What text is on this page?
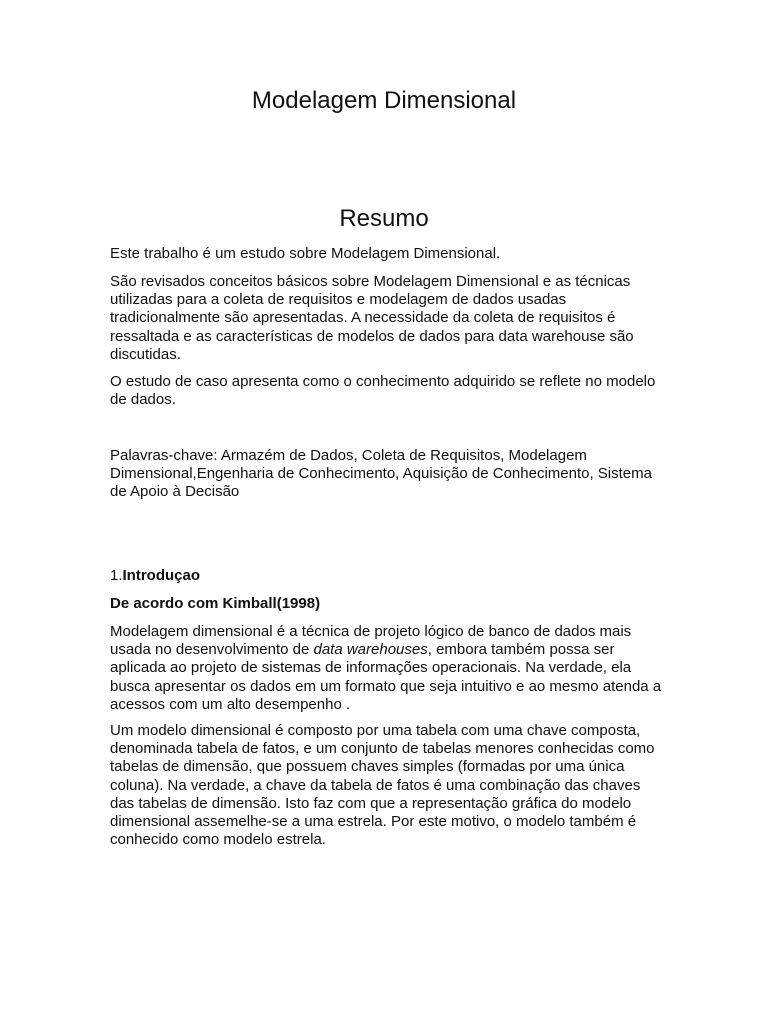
Modelagem Dimensional
Resumo

Este trabalho é um estudo sobre Modelagem Dimensional.

São revisados conceitos básicos sobre Modelagem Dimensional e as técnicas utilizadas para a coleta de requisitos e modelagem de dados usadas tradicionalmente são apresentadas. A necessidade da coleta de requisitos é ressaltada e as características de modelos de dados para data warehouse são discutidas.

O estudo de caso apresenta como o conhecimento adquirido se reflete no modelo de dados.

Palavras-chave: Armazém de Dados, Coleta de Requisitos, Modelagem Dimensional,Engenharia de Conhecimento, Aquisição de Conhecimento, Sistema de Apoio à Decisão

1.Introduçao

De acordo com Kimball(1998)

Modelagem dimensional é a técnica de projeto lógico de banco de dados mais usada no desenvolvimento de data warehouses, embora também possa ser aplicada ao projeto de sistemas de informações operacionais. Na verdade, ela busca apresentar os dados em um formato que seja intuitivo e ao mesmo atenda a acessos com um alto desempenho .

Um modelo dimensional é composto por uma tabela com uma chave composta, denominada tabela de fatos, e um conjunto de tabelas menores conhecidas como tabelas de dimensão, que possuem chaves simples (formadas por uma única coluna). Na verdade, a chave da tabela de fatos é uma combinação das chaves das tabelas de dimensão. Isto faz com que a representação gráfica do modelo dimensional assemelhe-se a uma estrela. Por este motivo, o modelo também é conhecido como modelo estrela.
